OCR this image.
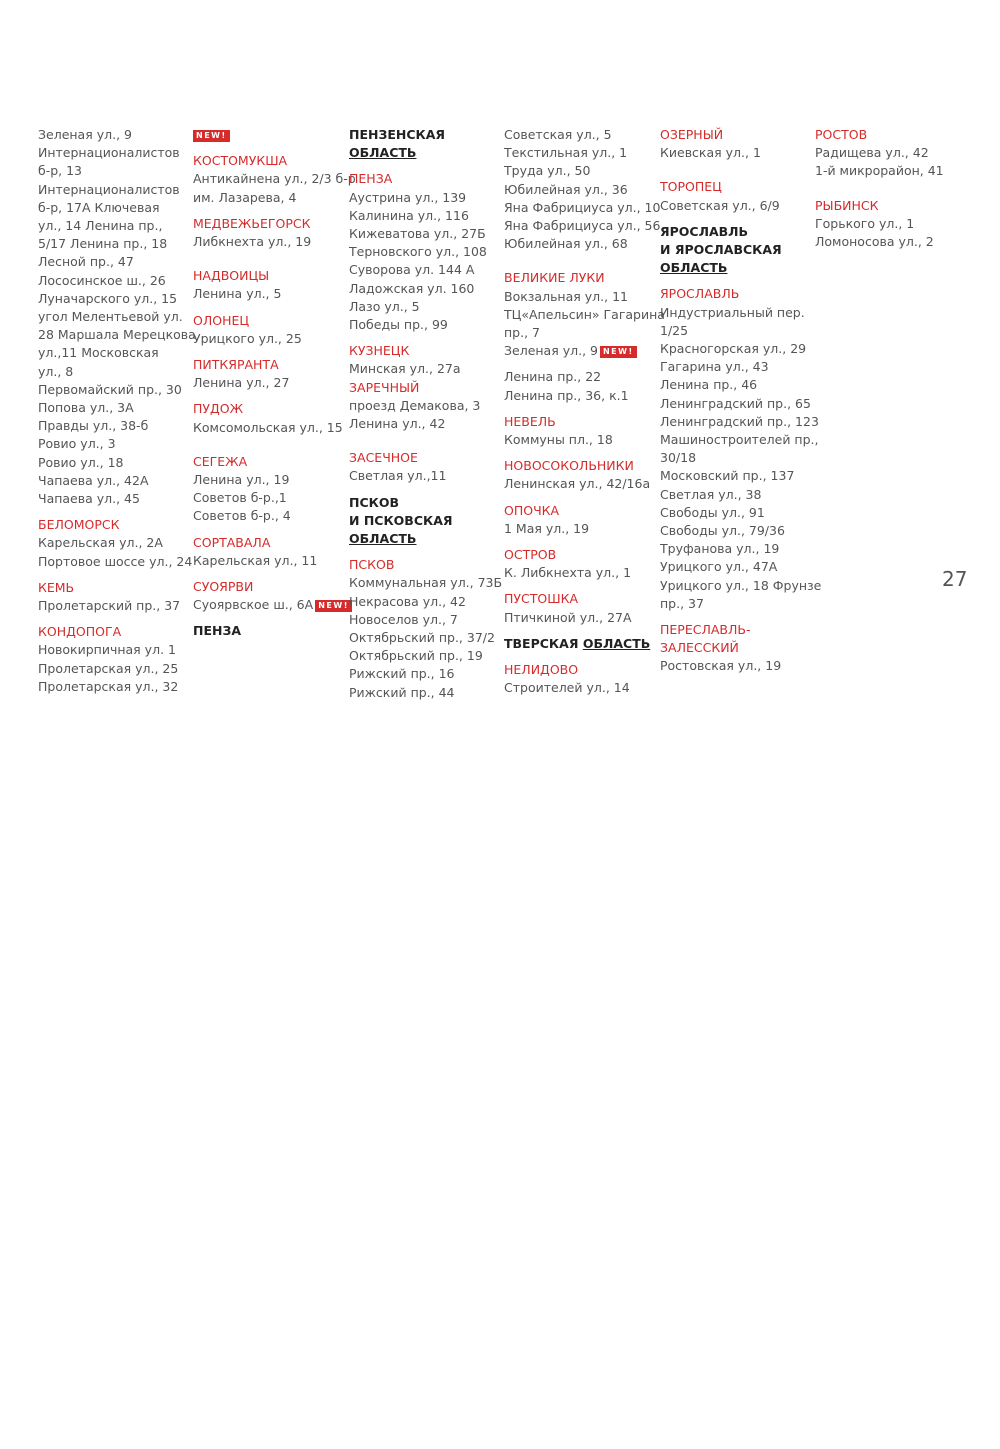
Зеленая ул., 9
Интернационалистов
б-р, 13
Интернационалистов
б-р, 17А Ключевая
ул., 14 Ленина пр.,
5/17 Ленина пр., 18
Лесной пр., 47
Лососинское ш., 26
Луначарского ул., 15
угол Мелентьевой ул.
28 Маршала Мерецкова
ул.,11 Московская
ул., 8
Первомайский пр., 30
Попова ул., 3А
Правды ул., 38-б
Ровио ул., 3
Ровио ул., 18
Чапаева ул., 42А
Чапаева ул., 45
БЕЛОМОРСК
Карельская ул., 2А
Портовое шоссе ул., 24
КЕМЬ
Пролетарский пр., 37
КОНДОПОГА
Новокирпичная ул. 1
Пролетарская ул., 25
Пролетарская ул., 32
NEW!
КОСТОМУКША
Антикайнена ул., 2/3 б-р
им. Лазарева, 4
МЕДВЕЖЬЕГОРСК
Либкнехта ул., 19
НАДВОИЦЫ
Ленина ул., 5
ОЛОНЕЦ
Урицкого ул., 25
ПИТКЯРАНТА
Ленина ул., 27
ПУДОЖ
Комсомольская ул., 15
СЕГЕЖА
Ленина ул., 19
Советов б-р.,1
Советов б-р., 4
СОРТАВАЛА
Карельская ул., 11
СУОЯРВИ
Суоярвское ш., 6А NEW!
ПЕНЗА
ПЕНЗЕНСКАЯ
ОБЛАСТЬ
ПЕНЗА
Аустрина ул., 139
Калинина ул., 116
Кижеватова ул., 27Б
Терновского ул., 108
Суворова ул. 144 А
Ладожская ул. 160
Лазо ул., 5
Победы пр., 99
КУЗНЕЦК
Минская ул., 27а
ЗАРЕЧНЫЙ
проезд Демакова, 3
Ленина ул., 42
ЗАСЕЧНОЕ
Светлая ул.,11
ПСКОВ
И ПСКОВСКАЯ
ОБЛАСТЬ
ПСКОВ
Коммунальная ул., 73Б
Некрасова ул., 42
Новоселов ул., 7
Октябрьский пр., 37/2
Октябрьский пр., 19
Рижский пр., 16
Рижский пр., 44
Советская ул., 5
Текстильная ул., 1
Труда ул., 50
Юбилейная ул., 36
Яна Фабрициуса ул., 10
Яна Фабрициуса ул., 56
Юбилейная ул., 68
ВЕЛИКИЕ ЛУКИ
Вокзальная ул., 11
ТЦ«Апельсин» Гагарина
пр., 7
Зеленая ул., 9 NEW!
Ленина пр., 22
Ленина пр., 36, к.1
НЕВЕЛЬ
Коммуны пл., 18
НОВОСОКОЛЬНИКИ
Ленинская ул., 42/16а
ОПОЧКА
1 Мая ул., 19
ОСТРОВ
К. Либкнехта ул., 1
ПУСТОШКА
Птичкиной ул., 27А
ТВЕРСКАЯ ОБЛАСТЬ
НЕЛИДОВО
Строителей ул., 14
ОЗЕРНЫЙ
Киевская ул., 1
ТОРОПЕЦ
Советская ул., 6/9
ЯРОСЛАВЛЬ
И ЯРОСЛАВСКАЯ
ОБЛАСТЬ
ЯРОСЛАВЛЬ
Индустриальный пер.
1/25
Красногорская ул., 29
Гагарина ул., 43
Ленина пр., 46
Ленинградский пр., 65
Ленинградский пр., 123
Машиностроителей пр.,
30/18
Московский пр., 137
Светлая ул., 38
Свободы ул., 91
Свободы ул., 79/36
Труфанова ул., 19
Урицкого ул., 47А
Урицкого ул., 18 Фрунзе
пр., 37
ПЕРЕСЛАВЛЬ-
ЗАЛЕССКИЙ
Ростовская ул., 19
РОСТОВ
Радищева ул., 42
1-й микрорайон, 41
РЫБИНСК
Горького ул., 1
Ломоносова ул., 2
27
